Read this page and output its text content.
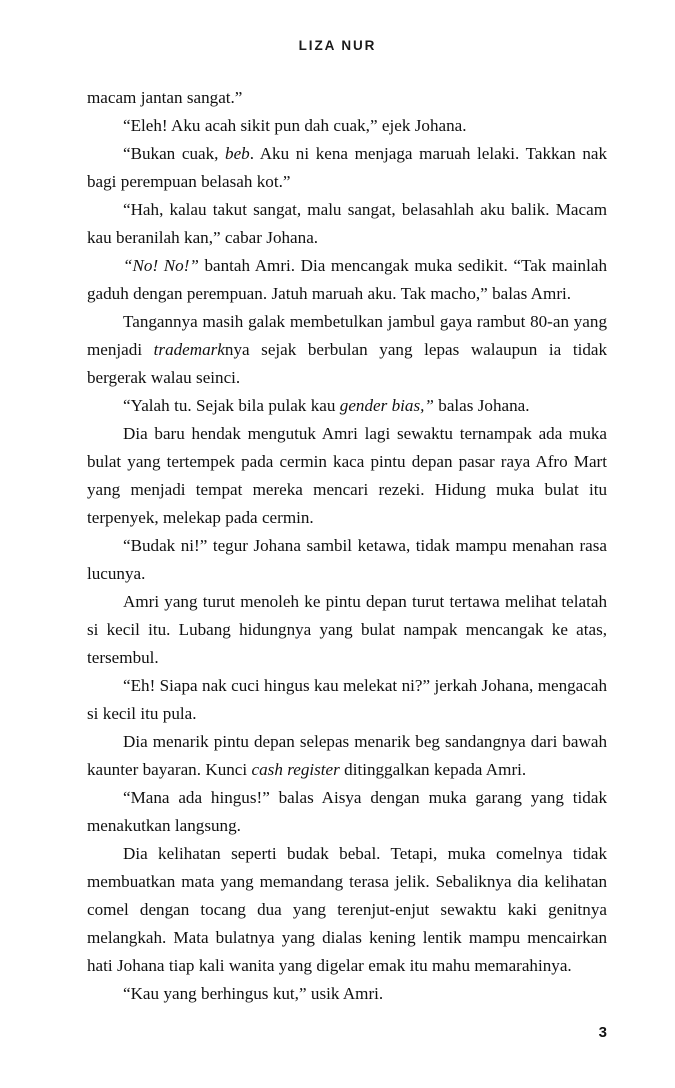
LIZA NUR

macam jantan sangat.”

“Eleh! Aku acah sikit pun dah cuak,” ejek Johana.

“Bukan cuak, beb. Aku ni kena menjaga maruah lelaki. Takkan nak bagi perempuan belasah kot.”

“Hah, kalau takut sangat, malu sangat, belasahlah aku balik. Macam kau beranilah kan,” cabar Johana.

“No! No!” bantah Amri. Dia mencangak muka sedikit. “Tak mainlah gaduh dengan perempuan. Jatuh maruah aku. Tak macho,” balas Amri.

Tangannya masih galak membetulkan jambul gaya rambut 80-an yang menjadi trademarknya sejak berbulan yang lepas walaupun ia tidak bergerak walau seinci.

“Yalah tu. Sejak bila pulak kau gender bias,” balas Johana.

Dia baru hendak mengutuk Amri lagi sewaktu ternampak ada muka bulat yang tertempek pada cermin kaca pintu depan pasar raya Afro Mart yang menjadi tempat mereka mencari rezeki. Hidung muka bulat itu terpenyek, melekap pada cermin.

“Budak ni!” tegur Johana sambil ketawa, tidak mampu menahan rasa lucunya.

Amri yang turut menoleh ke pintu depan turut tertawa melihat telatah si kecil itu. Lubang hidungnya yang bulat nampak mencangak ke atas, tersembul.

“Eh! Siapa nak cuci hingus kau melekat ni?” jerkah Johana, mengacah si kecil itu pula.

Dia menarik pintu depan selepas menarik beg sandangnya dari bawah kaunter bayaran. Kunci cash register ditinggalkan kepada Amri.

“Mana ada hingus!” balas Aisya dengan muka garang yang tidak menakutkan langsung.

Dia kelihatan seperti budak bebal. Tetapi, muka comelnya tidak membuatkan mata yang memandang terasa jelik. Sebaliknya dia kelihatan comel dengan tocang dua yang terenjut-enjut sewaktu kaki genitnya melangkah. Mata bulatnya yang dialas kening lentik mampu mencairkan hati Johana tiap kali wanita yang digelar emak itu mahu memarahinya.

“Kau yang berhingus kut,” usik Amri.

3
